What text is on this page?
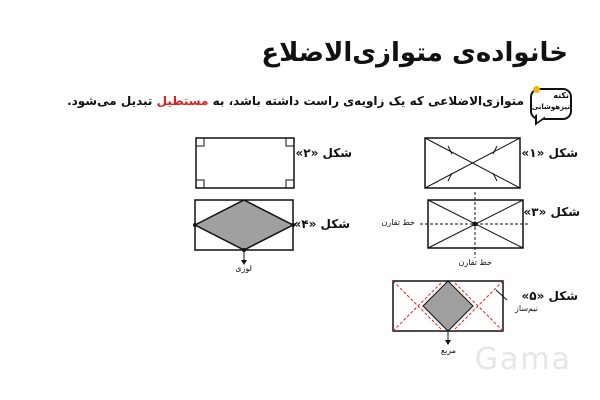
خانواده‌ی متوازی‌الاضلاع
نکته
تیزهوشانی
متوازی‌الاضلاعی که یک زاویه‌ی راست داشته باشد، به مستطیل تبدیل می‌شود.
شکل «۱»
شکل «۲»
شکل «۳»
شکل «۴»
شکل «۵»
خط تقارن
خط تقارن
لوزی
مربع
نیم‌ساز
Gama
